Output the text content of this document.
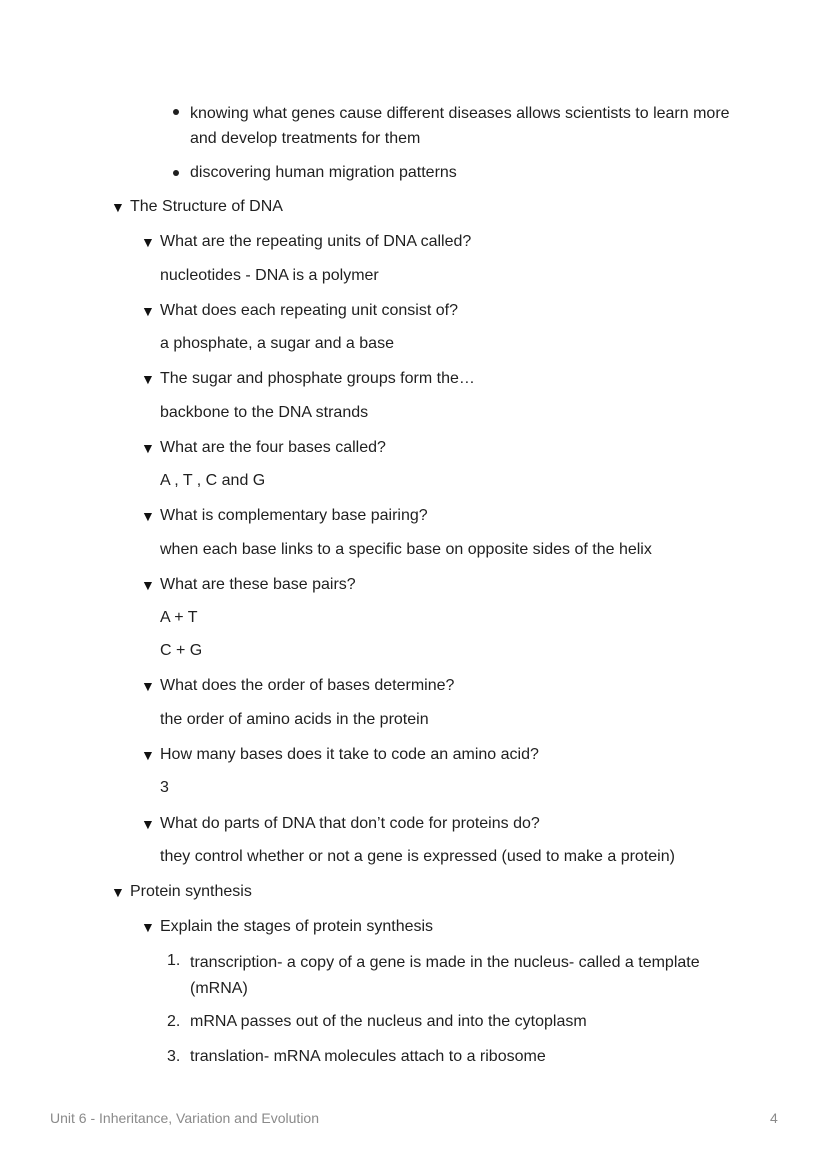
knowing what genes cause different diseases allows scientists to learn more and develop treatments for them
discovering human migration patterns
▼ The Structure of DNA
▼ What are the repeating units of DNA called?
nucleotides - DNA is a polymer
▼ What does each repeating unit consist of?
a phosphate, a sugar and a base
▼ The sugar and phosphate groups form the…
backbone to the DNA strands
▼ What are the four bases called?
A , T , C and G
▼ What is complementary base pairing?
when each base links to a specific base on opposite sides of the helix
▼ What are these base pairs?
A + T
C + G
▼ What does the order of bases determine?
the order of amino acids in the protein
▼ How many bases does it take to code an amino acid?
3
▼ What do parts of DNA that don’t code for proteins do?
they control whether or not a gene is expressed (used to make a protein)
▼ Protein synthesis
▼ Explain the stages of protein synthesis
1. transcription- a copy of a gene is made in the nucleus- called a template (mRNA)
2. mRNA passes out of the nucleus and into the cytoplasm
3. translation- mRNA molecules attach to a ribosome
Unit 6 - Inheritance, Variation and Evolution	4
